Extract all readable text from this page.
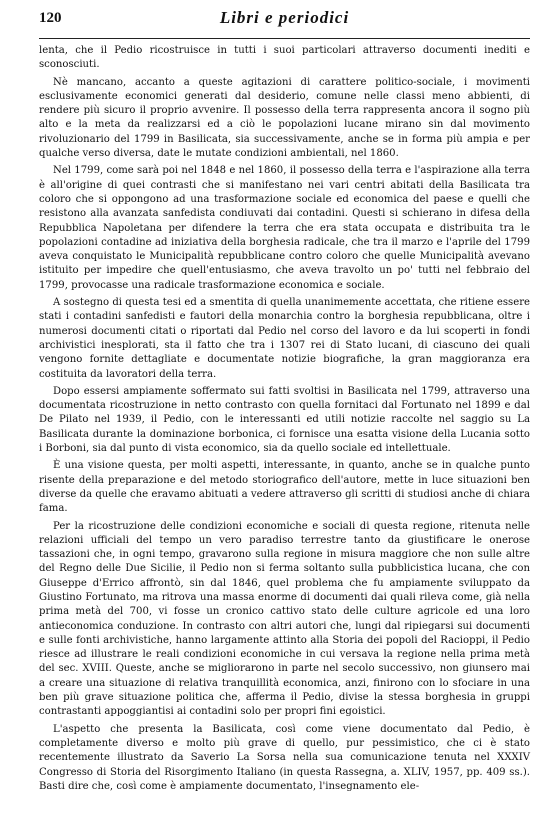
120	Libri e periodici

lenta, che il Pedio ricostruisce in tutti i suoi particolari attraverso documenti inediti e sconosciuti.

Nè mancano, accanto a queste agitazioni di carattere politico-sociale, i movimenti esclusivamente economici generati dal desiderio, comune nelle classi meno abbienti, di rendere più sicuro il proprio avvenire. Il possesso della terra rappresenta ancora il sogno più alto e la meta da realizzarsi ed a ciò le popolazioni lucane mirano sin dal movimento rivoluzionario del 1799 in Basilicata, sia successivamente, anche se in forma più ampia e per qualche verso diversa, date le mutate condizioni ambientali, nel 1860.

Nel 1799, come sarà poi nel 1848 e nel 1860, il possesso della terra e l'aspirazione alla terra è all'origine di quei contrasti che si manifestano nei vari centri abitati della Basilicata tra coloro che si oppongono ad una trasformazione sociale ed economica del paese e quelli che resistono alla avanzata sanfedista condiuvati dai contadini. Questi si schierano in difesa della Repubblica Napoletana per difendere la terra che era stata occupata e distribuita tra le popolazioni contadine ad iniziativa della borghesia radicale, che tra il marzo e l'aprile del 1799 aveva conquistato le Municipalità repubblicane contro coloro che quelle Municipalità avevano istituito per impedire che quell'entusiasmo, che aveva travolto un po' tutti nel febbraio del 1799, provocasse una radicale trasformazione economica e sociale.

A sostegno di questa tesi ed a smentita di quella unanimemente accettata, che ritiene essere stati i contadini sanfedisti e fautori della monarchia contro la borghesia repubblicana, oltre i numerosi documenti citati o riportati dal Pedio nel corso del lavoro e da lui scoperti in fondi archivistici inesplorati, sta il fatto che tra i 1307 rei di Stato lucani, di ciascuno dei quali vengono fornite dettagliate e documentate notizie biografiche, la gran maggioranza era costituita da lavoratori della terra.

Dopo essersi ampiamente soffermato sui fatti svoltisi in Basilicata nel 1799, attraverso una documentata ricostruzione in netto contrasto con quella fornitaci dal Fortunato nel 1899 e dal De Pilato nel 1939, il Pedio, con le interessanti ed utili notizie raccolte nel saggio su La Basilicata durante la dominazione borbonica, ci fornisce una esatta visione della Lucania sotto i Borboni, sia dal punto di vista economico, sia da quello sociale ed intellettuale.

È una visione questa, per molti aspetti, interessante, in quanto, anche se in qualche punto risente della preparazione e del metodo storiografico dell'autore, mette in luce situazioni ben diverse da quelle che eravamo abituati a vedere attraverso gli scritti di studiosi anche di chiara fama.

Per la ricostruzione delle condizioni economiche e sociali di questa regione, ritenuta nelle relazioni ufficiali del tempo un vero paradiso terrestre tanto da giustificare le onerose tassazioni che, in ogni tempo, gravarono sulla regione in misura maggiore che non sulle altre del Regno delle Due Sicilie, il Pedio non si ferma soltanto sulla pubblicistica lucana, che con Giuseppe d'Errico affrontò, sin dal 1846, quel problema che fu ampiamente sviluppato da Giustino Fortunato, ma ritrova una massa enorme di documenti dai quali rileva come, già nella prima metà del 700, vi fosse un cronico cattivo stato delle culture agricole ed una loro antieconomica conduzione. In contrasto con altri autori che, lungi dal ripiegarsi sui documenti e sulle fonti archivistiche, hanno largamente attinto alla Storia dei popoli del Racioppi, il Pedio riesce ad illustrare le reali condizioni economiche in cui versava la regione nella prima metà del sec. XVIII. Queste, anche se migliorarono in parte nel secolo successivo, non giunsero mai a creare una situazione di relativa tranquillità economica, anzi, finirono con lo sfociare in una ben più grave situazione politica che, afferma il Pedio, divise la stessa borghesia in gruppi contrastanti appoggiantisi ai contadini solo per propri fini egoistici.

L'aspetto che presenta la Basilicata, così come viene documentato dal Pedio, è completamente diverso e molto più grave di quello, pur pessimistico, che ci è stato recentemente illustrato da Saverio La Sorsa nella sua comunicazione tenuta nel XXXIV Congresso di Storia del Risorgimento Italiano (in questa Rassegna, a. XLIV, 1957, pp. 409 ss.). Basti dire che, così come è ampiamente documentato, l'insegnamento ele-
